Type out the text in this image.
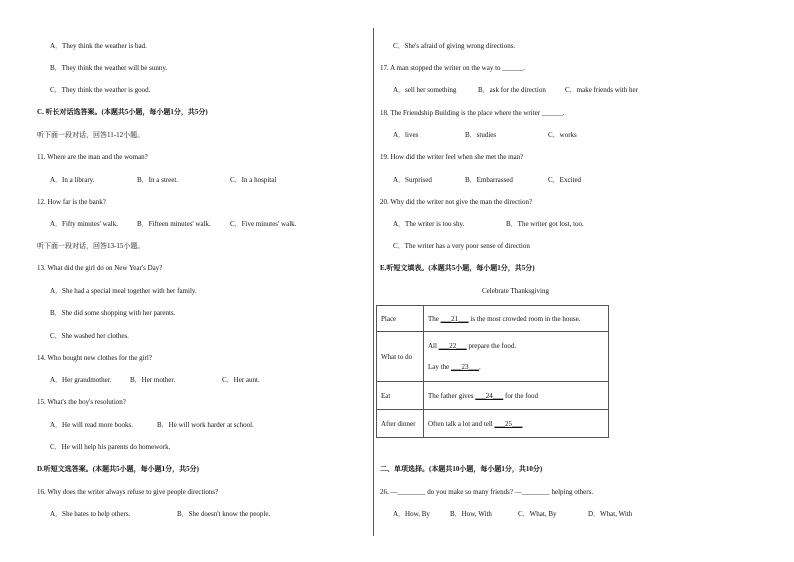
A．They think the weather is bad.
B．They think the weather will be sunny.
C．They think the weather is good.
C. 听长对话选答案。(本题共5小题，每小题1分，共5分)
听下面一段对话，回答11-12小题。
11. Where are the man and the woman?
A．In a library.	B．In a street.	C．In a hospital
12. How far is the bank?
A．Fifty minutes' walk.	B．Fifteen minutes' walk.	C．Five minutes' walk.
听下面一段对话，回答13-15小题。
13. What did the girl do on New Year's Day?
A．She had a special meal together with her family.
B．She did some shopping with her parents.
C．She washed her clothes.
14. Who bought new clothes for the girl?
A．Her grandmother.	B．Her mother.	C．Her aunt.
15. What's the boy's resolution?
A．He will read more books.	B．He will work harder at school.
C．He will help his parents do homework.
D.听短文选答案。(本题共5小题，每小题1分，共5分)
16. Why does the writer always refuse to give people directions?
A．She hates to help others.	B．She doesn't know the people.
C．She's afraid of giving wrong directions.
17. A man stopped the writer on the way to ______.
A．sell her something	B．ask for the direction	C．make friends with her
18. The Friendship Building is the place where the writer ______.
A．lives	B．studies	C．works
19. How did the writer feel when she met the man?
A．Surprised	B．Embarrassed	C．Excited
20. Why did the writer not give the man the direction?
A．The writer is too shy.	B．The writer got lost, too.
C．The writer has a very poor sense of direction
E.听短文填表。(本题共5小题，每小题1分，共5分)
Celebrate Thanksgiving
Place	The ___21___ is the most crowded room in the house.
What to do	All ___22___ prepare the food.
Lay the ___23___.

Eat	The father gives ___24___ for the food
After dinner	Often talk a lot and tell ___25___
二、单项选择。(本题共10小题，每小题1分，共10分)
26. —________ do you make so many friends? —________ helping others.
A．How, By	B．How, With	C．What, By	D．What, With
